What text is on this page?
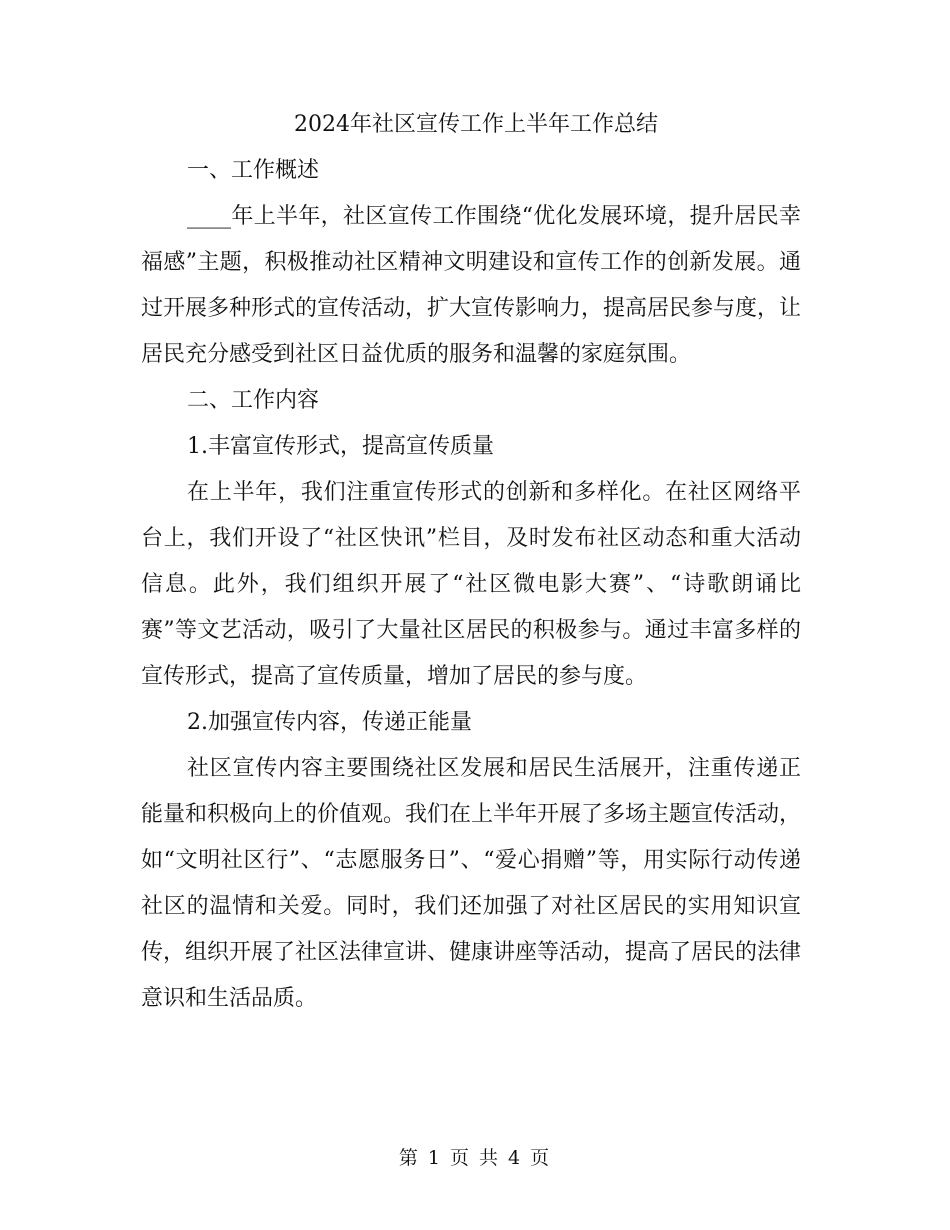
2024年社区宣传工作上半年工作总结
一、工作概述

____年上半年，社区宣传工作围绕“优化发展环境，提升居民幸福感”主题，积极推动社区精神文明建设和宣传工作的创新发展。通过开展多种形式的宣传活动，扩大宣传影响力，提高居民参与度，让居民充分感受到社区日益优质的服务和温馨的家庭氛围。

二、工作内容
1.丰富宣传形式，提高宣传质量

在上半年，我们注重宣传形式的创新和多样化。在社区网络平台上，我们开设了“社区快讯”栏目，及时发布社区动态和重大活动信息。此外，我们组织开展了“社区微电影大赛”、“诗歌朗诵比赛”等文艺活动，吸引了大量社区居民的积极参与。通过丰富多样的宣传形式，提高了宣传质量，增加了居民的参与度。

2.加强宣传内容，传递正能量

社区宣传内容主要围绕社区发展和居民生活展开，注重传递正能量和积极向上的价值观。我们在上半年开展了多场主题宣传活动，如“文明社区行”、“志愿服务日”、“爱心捐赠”等，用实际行动传递社区的温情和关爱。同时，我们还加强了对社区居民的实用知识宣传，组织开展了社区法律宣讲、健康讲座等活动，提高了居民的法律意识和生活品质。

第 1 页 共 4 页
